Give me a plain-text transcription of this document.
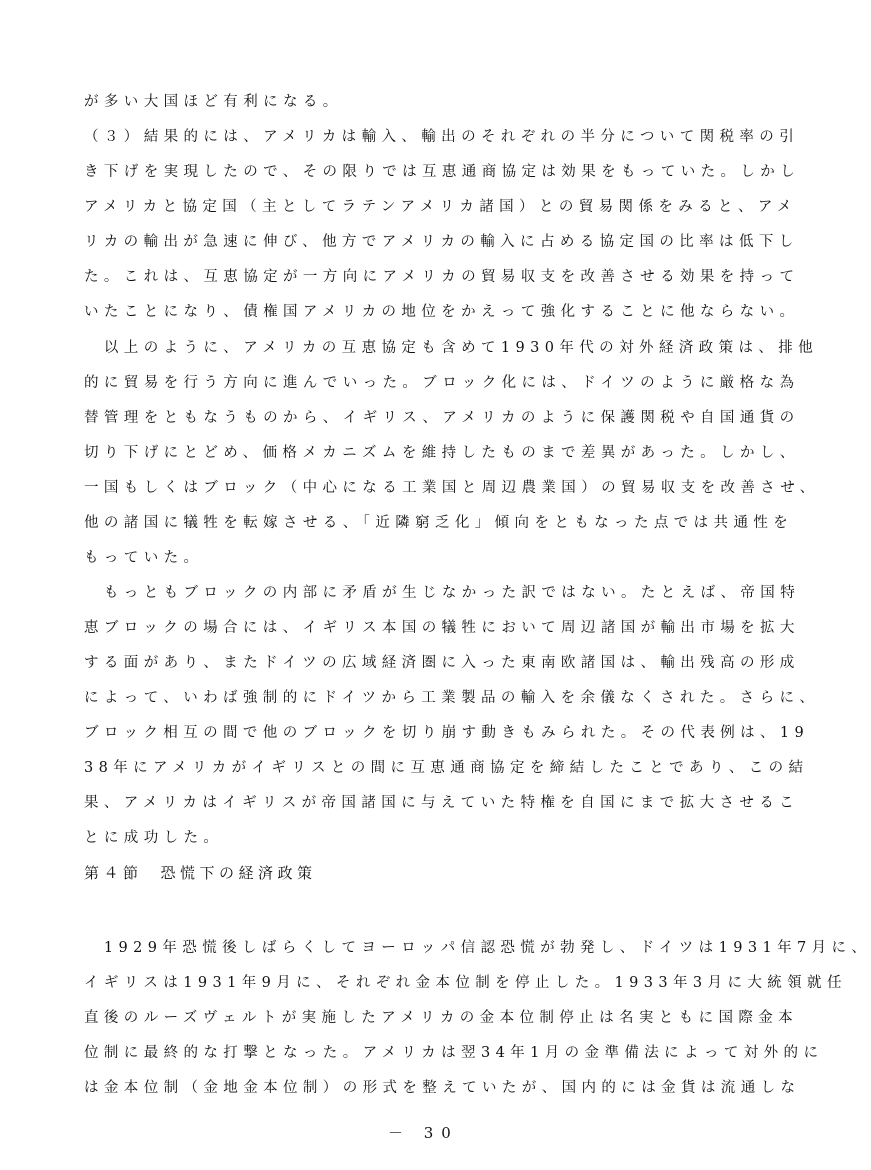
が多い大国ほど有利になる。
（３）結果的には、アメリカは輸入、輸出のそれぞれの半分について関税率の引
き下げを実現したので、その限りでは互恵通商協定は効果をもっていた。しかし
アメリカと協定国（主としてラテンアメリカ諸国）との貿易関係をみると、アメ
リカの輸出が急速に伸び、他方でアメリカの輸入に占める協定国の比率は低下し
た。これは、互恵協定が一方向にアメリカの貿易収支を改善させる効果を持って
いたことになり、債権国アメリカの地位をかえって強化することに他ならない。
　以上のように、アメリカの互恵協定も含めて1930年代の対外経済政策は、排他
的に貿易を行う方向に進んでいった。ブロック化には、ドイツのように厳格な為
替管理をともなうものから、イギリス、アメリカのように保護関税や自国通貨の
切り下げにとどめ、価格メカニズムを維持したものまで差異があった。しかし、
一国もしくはブロック（中心になる工業国と周辺農業国）の貿易収支を改善させ、
他の諸国に犠牲を転嫁させる、「近隣窮乏化」傾向をともなった点では共通性を
もっていた。
　もっともブロックの内部に矛盾が生じなかった訳ではない。たとえば、帝国特
恵ブロックの場合には、イギリス本国の犠牲において周辺諸国が輸出市場を拡大
する面があり、またドイツの広域経済圏に入った東南欧諸国は、輸出残高の形成
によって、いわば強制的にドイツから工業製品の輸入を余儀なくされた。さらに、
ブロック相互の間で他のブロックを切り崩す動きもみられた。その代表例は、19
38年にアメリカがイギリスとの間に互恵通商協定を締結したことであり、この結
果、アメリカはイギリスが帝国諸国に与えていた特権を自国にまで拡大させるこ
とに成功した。
第４節 恐慌下の経済政策
　1929年恐慌後しばらくしてヨーロッパ信認恐慌が勃発し、ドイツは1931年7月に、
イギリスは1931年9月に、それぞれ金本位制を停止した。1933年3月に大統領就任
直後のルーズヴェルトが実施したアメリカの金本位制停止は名実ともに国際金本
位制に最終的な打撃となった。アメリカは翌34年1月の金準備法によって対外的に
は金本位制（金地金本位制）の形式を整えていたが、国内的には金貨は流通しな
－ 30
